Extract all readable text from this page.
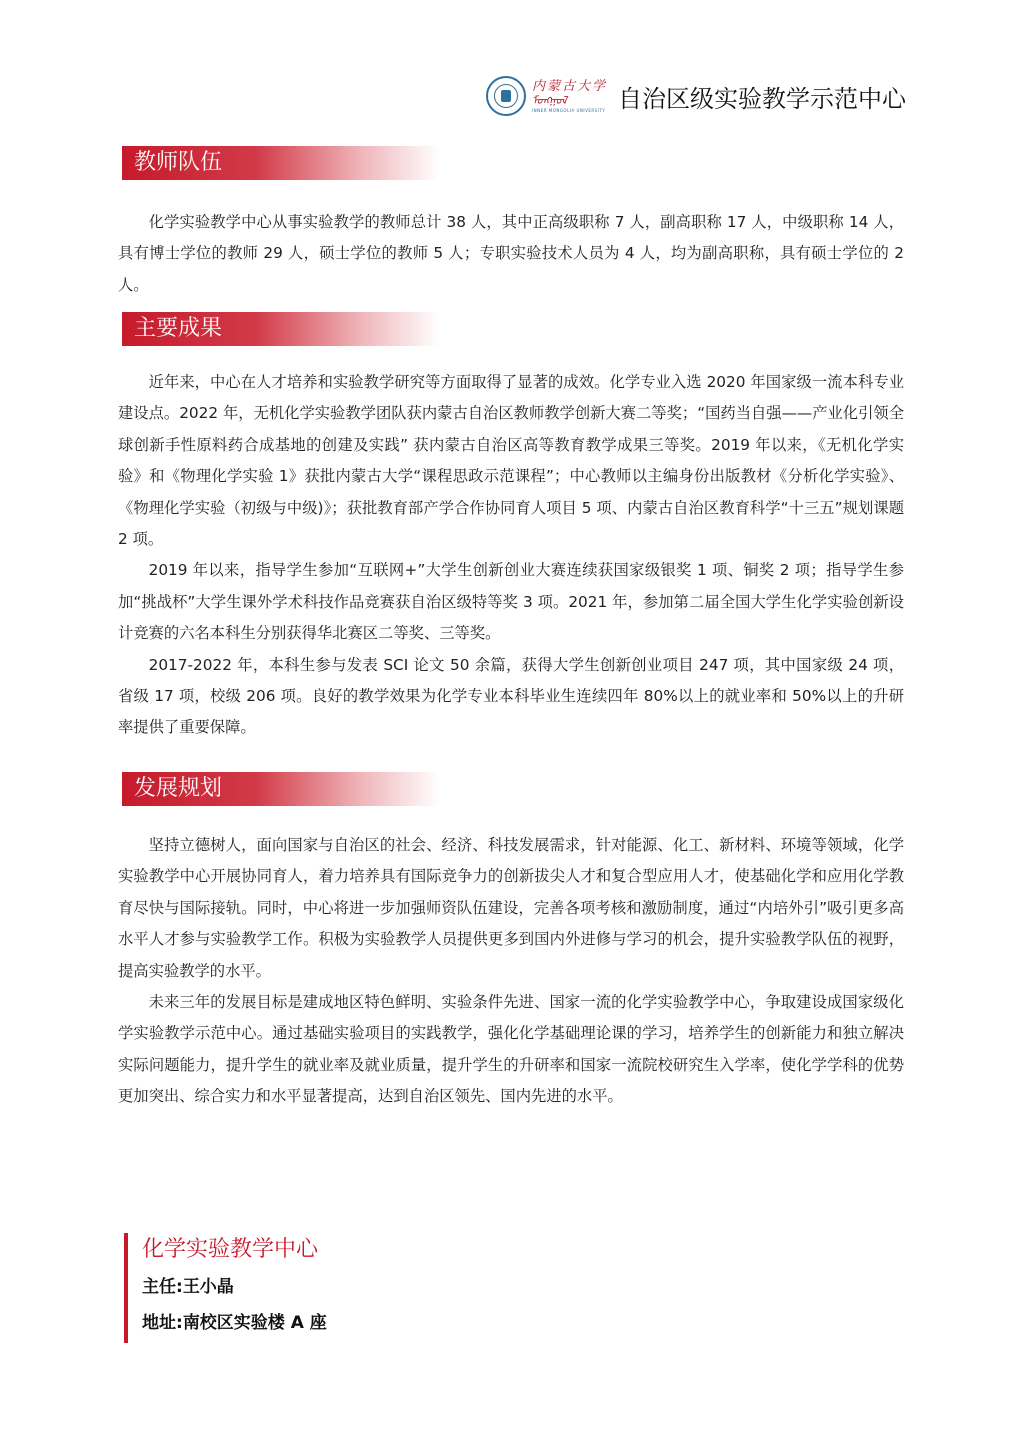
内蒙古大学
ᠮᠣᠩᠭᠣᠯ
INNER MONGOLIA UNIVERSITY 自治区级实验教学示范中心
教师队伍

化学实验教学中心从事实验教学的教师总计 38 人，其中正高级职称 7 人，副高职称 17 人，中级职称 14 人，具有博士学位的教师 29 人，硕士学位的教师 5 人；专职实验技术人员为 4 人，均为副高职称，具有硕士学位的 2 人。

主要成果

近年来，中心在人才培养和实验教学研究等方面取得了显著的成效。化学专业入选 2020 年国家级一流本科专业建设点。2022 年，无机化学实验教学团队获内蒙古自治区教师教学创新大赛二等奖；“国药当自强——产业化引领全球创新手性原料药合成基地的创建及实践” 获内蒙古自治区高等教育教学成果三等奖。2019 年以来，《无机化学实验》和《物理化学实验 1》获批内蒙古大学“课程思政示范课程”；中心教师以主编身份出版教材《分析化学实验》、《物理化学实验（初级与中级)》；获批教育部产学合作协同育人项目 5 项、内蒙古自治区教育科学“十三五”规划课题 2 项。

2019 年以来，指导学生参加“互联网+”大学生创新创业大赛连续获国家级银奖 1 项、铜奖 2 项；指导学生参加“挑战杯”大学生课外学术科技作品竞赛获自治区级特等奖 3 项。2021 年，参加第二届全国大学生化学实验创新设计竞赛的六名本科生分别获得华北赛区二等奖、三等奖。

2017-2022 年，本科生参与发表 SCI 论文 50 余篇，获得大学生创新创业项目 247 项，其中国家级 24 项，省级 17 项，校级 206 项。良好的教学效果为化学专业本科毕业生连续四年 80%以上的就业率和 50%以上的升研率提供了重要保障。

发展规划

坚持立德树人，面向国家与自治区的社会、经济、科技发展需求，针对能源、化工、新材料、环境等领域，化学实验教学中心开展协同育人，着力培养具有国际竞争力的创新拔尖人才和复合型应用人才，使基础化学和应用化学教育尽快与国际接轨。同时，中心将进一步加强师资队伍建设，完善各项考核和激励制度，通过“内培外引”吸引更多高水平人才参与实验教学工作。积极为实验教学人员提供更多到国内外进修与学习的机会，提升实验教学队伍的视野，提高实验教学的水平。

未来三年的发展目标是建成地区特色鲜明、实验条件先进、国家一流的化学实验教学中心，争取建设成国家级化学实验教学示范中心。通过基础实验项目的实践教学，强化化学基础理论课的学习，培养学生的创新能力和独立解决实际问题能力，提升学生的就业率及就业质量，提升学生的升研率和国家一流院校研究生入学率，使化学学科的优势更加突出、综合实力和水平显著提高，达到自治区领先、国内先进的水平。

化学实验教学中心
主任:王小晶
地址:南校区实验楼 A 座
